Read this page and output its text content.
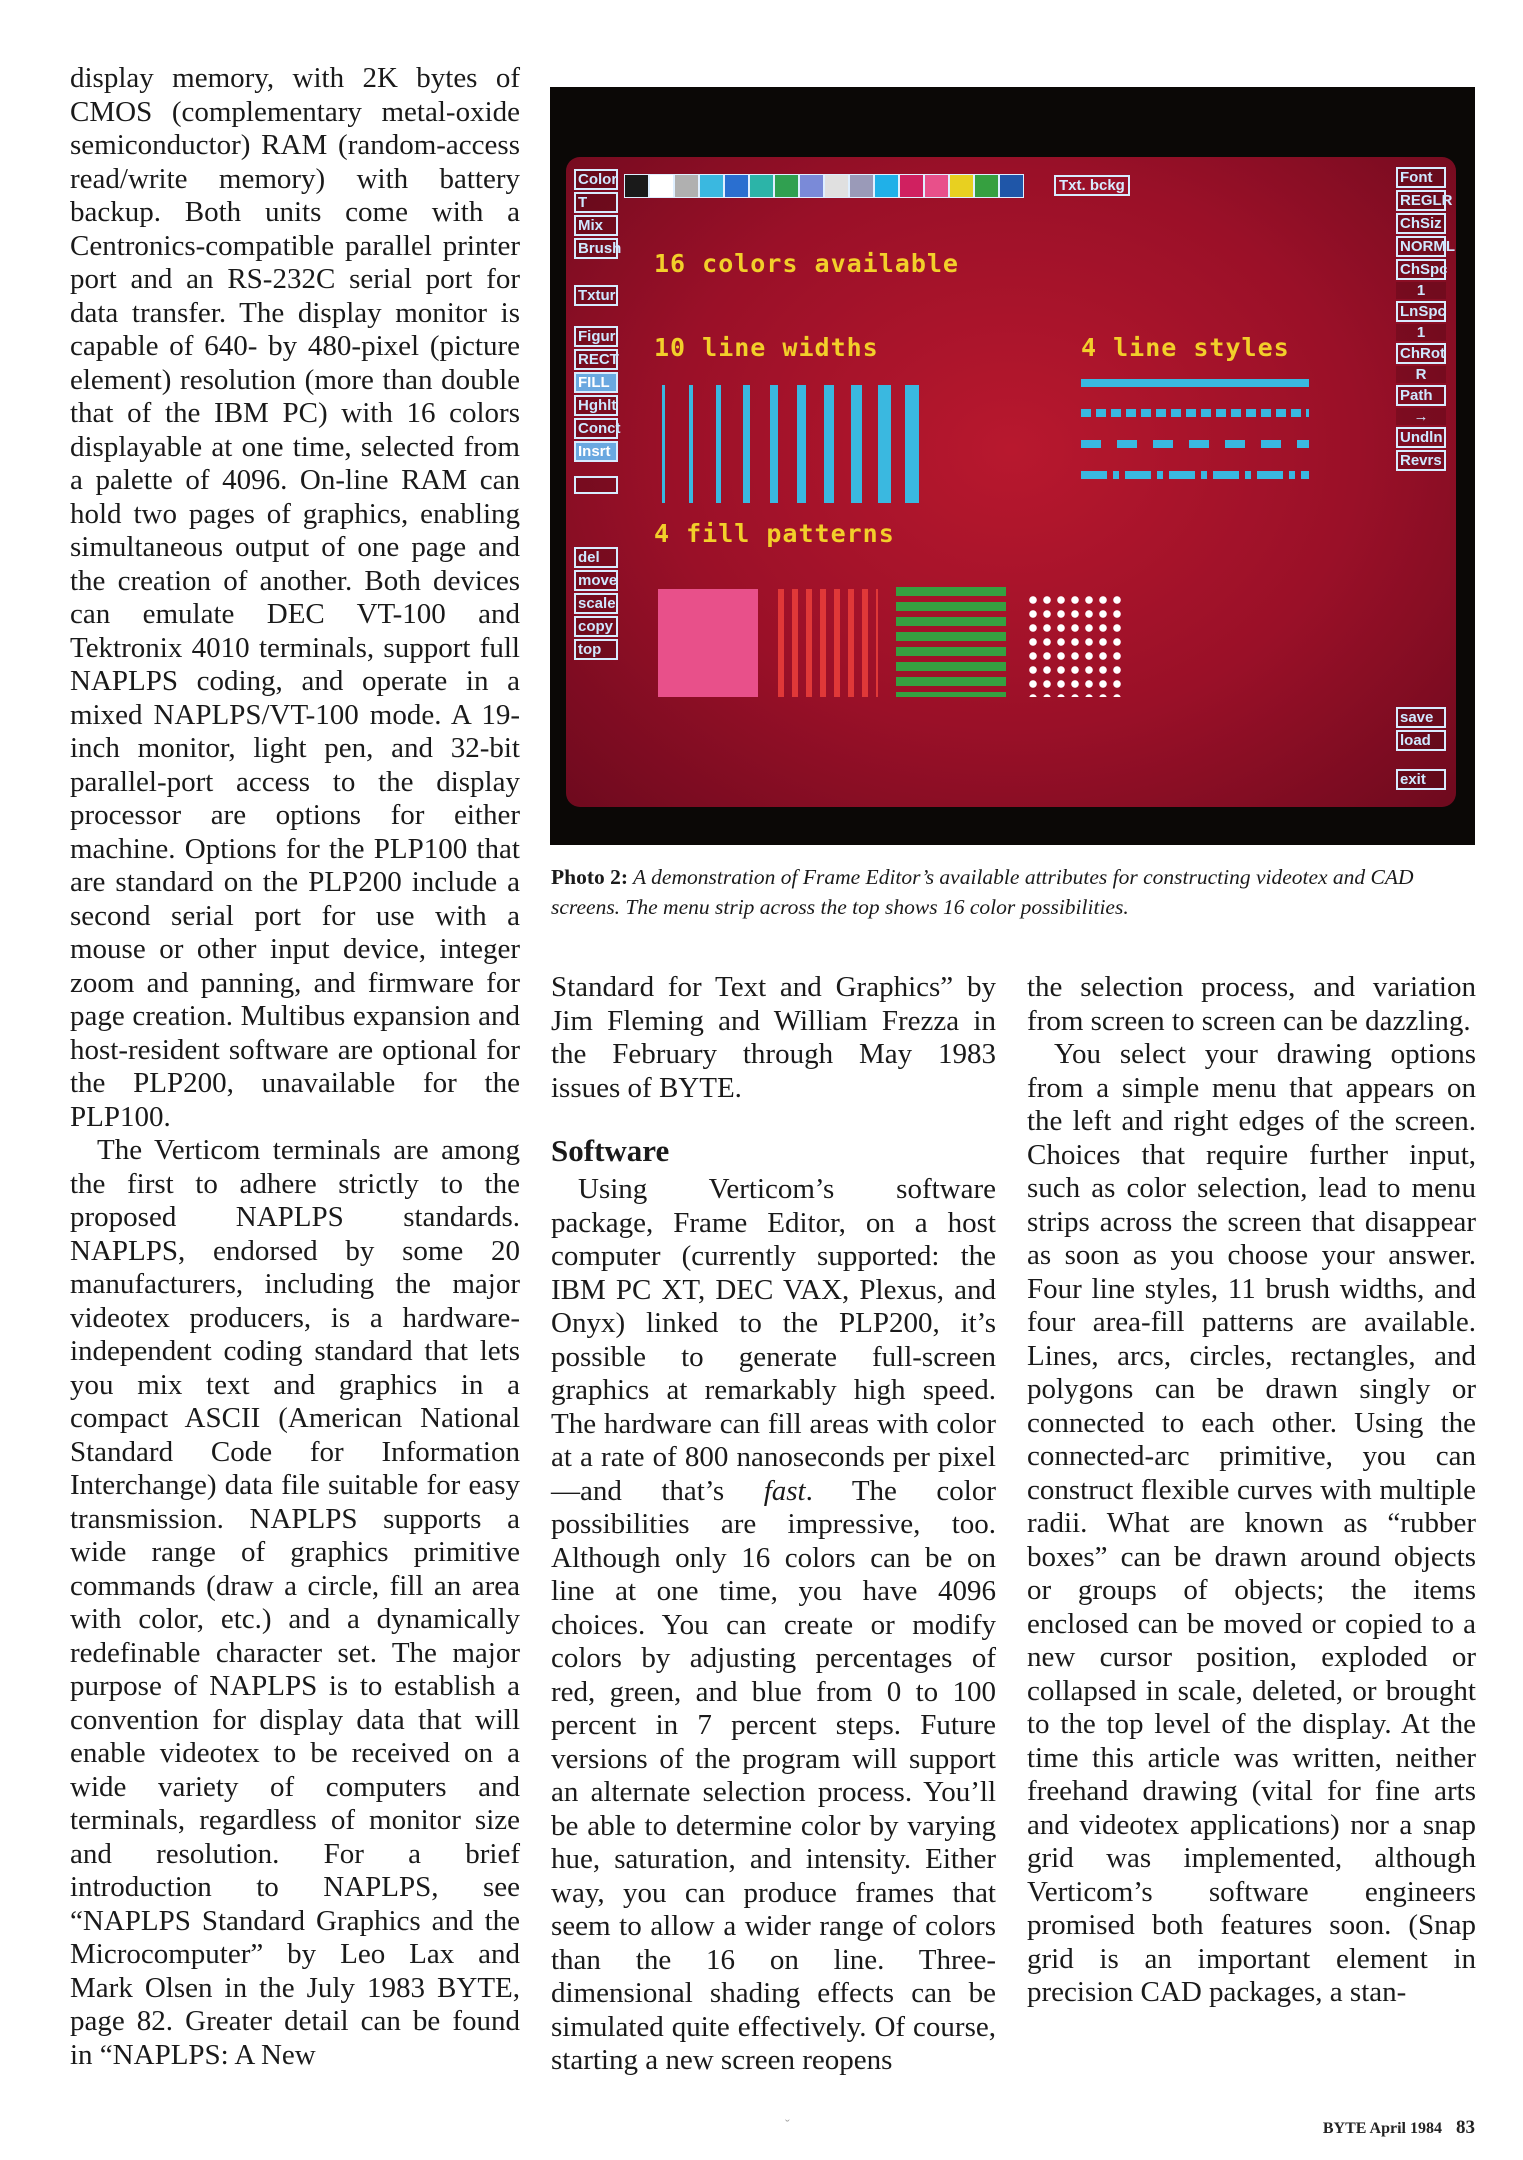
display memory, with 2K bytes of CMOS (complementary metal-oxide semiconductor) RAM (random-access read/write memory) with battery backup. Both units come with a Centronics-compatible parallel printer port and an RS-232C serial port for data transfer. The display monitor is capable of 640- by 480-pixel (picture element) resolution (more than double that of the IBM PC) with 16 colors displayable at one time, selected from a palette of 4096. On-line RAM can hold two pages of graphics, enabling simultaneous output of one page and the creation of another. Both devices can emulate DEC VT-100 and Tektronix 4010 terminals, support full NAPLPS coding, and operate in a mixed NAPLPS/VT-100 mode. A 19-inch monitor, light pen, and 32-bit parallel-port access to the display processor are options for either machine. Options for the PLP100 that are standard on the PLP200 include a second serial port for use with a mouse or other input device, integer zoom and panning, and firmware for page creation. Multibus expansion and host-resident software are optional for the PLP200, unavailable for the PLP100.

The Verticom terminals are among the first to adhere strictly to the proposed NAPLPS standards. NAPLPS, endorsed by some 20 manufacturers, including the major videotex producers, is a hardware-independent coding standard that lets you mix text and graphics in a compact ASCII (American National Standard Code for Information Interchange) data file suitable for easy transmission. NAPLPS supports a wide range of graphics primitive commands (draw a circle, fill an area with color, etc.) and a dynamically redefinable character set. The major purpose of NAPLPS is to establish a convention for display data that will enable videotex to be received on a wide variety of computers and terminals, regardless of monitor size and resolution. For a brief introduction to NAPLPS, see “NAPLPS Standard Graphics and the Microcomputer” by Leo Lax and Mark Olsen in the July 1983 BYTE, page 82. Greater detail can be found in “NAPLPS: A New

Color
T
Mix
Brush
Txtur
Figur
RECT
FILL
Hghlt
Conct
Insrt
del
move
scale
copy
top
Txt. bckg	Font
REGLR
ChSiz
NORML
ChSpc
1
LnSpc
1
ChRot
R
Path
→
Undln
Revrs
save
load
exit
16 colors available
10 line widths	4 line styles
4 fill patterns
Photo 2: A demonstration of Frame Editor’s available attributes for constructing videotex and CAD screens. The menu strip across the top shows 16 color possibilities.

Standard for Text and Graphics” by Jim Fleming and William Frezza in the February through May 1983 issues of BYTE.

Software

Using Verticom’s software package, Frame Editor, on a host computer (currently supported: the IBM PC XT, DEC VAX, Plexus, and Onyx) linked to the PLP200, it’s possible to generate full-screen graphics at remarkably high speed. The hardware can fill areas with color at a rate of 800 nanoseconds per pixel—and that’s fast. The color possibilities are impressive, too. Although only 16 colors can be on line at one time, you have 4096 choices. You can create or modify colors by adjusting percentages of red, green, and blue from 0 to 100 percent in 7 percent steps. Future versions of the program will support an alternate selection process. You’ll be able to determine color by varying hue, saturation, and intensity. Either way, you can produce frames that seem to allow a wider range of colors than the 16 on line. Three-dimensional shading effects can be simulated quite effectively. Of course, starting a new screen reopens

the selection process, and variation from screen to screen can be dazzling.

You select your drawing options from a simple menu that appears on the left and right edges of the screen. Choices that require further input, such as color selection, lead to menu strips across the screen that disappear as soon as you choose your answer. Four line styles, 11 brush widths, and four area-fill patterns are available. Lines, arcs, circles, rectangles, and polygons can be drawn singly or connected to each other. Using the connected-arc primitive, you can construct flexible curves with multiple radii. What are known as “rubber boxes” can be drawn around objects or groups of objects; the items enclosed can be moved or copied to a new cursor position, exploded or collapsed in scale, deleted, or brought to the top level of the display. At the time this article was written, neither freehand drawing (vital for fine arts and videotex applications) nor a snap grid was implemented, although Verticom’s software engineers promised both features soon. (Snap grid is an important element in precision CAD packages, a stan-

ˇ	BYTE April 1984 83
